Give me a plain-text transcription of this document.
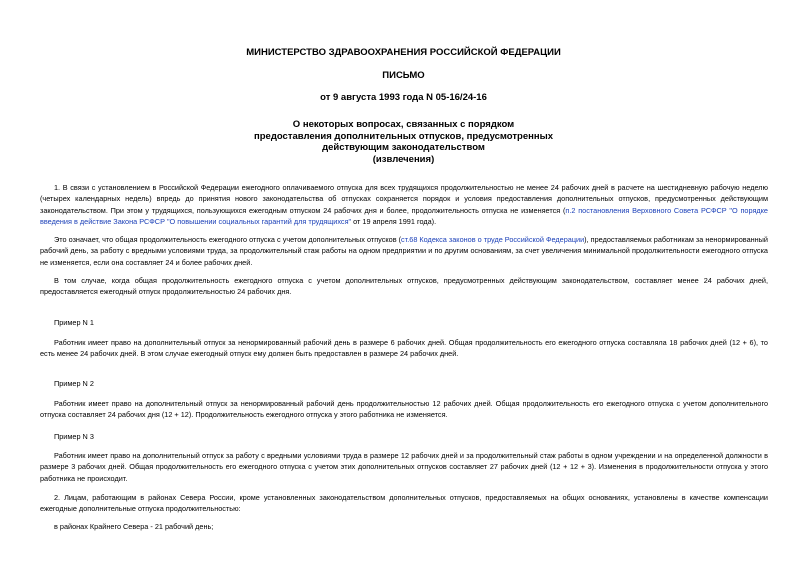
МИНИСТЕРСТВО ЗДРАВООХРАНЕНИЯ РОССИЙСКОЙ ФЕДЕРАЦИИ
ПИСЬМО
от 9 августа 1993 года N 05-16/24-16
О некоторых вопросах, связанных с порядком
предоставления дополнительных отпусков, предусмотренных
действующим законодательством
(извлечения)
1. В связи с установлением в Российской Федерации ежегодного оплачиваемого отпуска для всех трудящихся продолжительностью не менее 24 рабочих дней в расчете на шестидневную рабочую неделю (четырех календарных недель) впредь до принятия нового законодательства об отпусках сохраняется порядок и условия предоставления дополнительных отпусков, предусмотренных действующим законодательством. При этом у трудящихся, пользующихся ежегодным отпуском 24 рабочих дня и более, продолжительность отпуска не изменяется (п.2 постановления Верховного Совета РСФСР "О порядке введения в действие Закона РСФСР "О повышении социальных гарантий для трудящихся" от 19 апреля 1991 года).
Это означает, что общая продолжительность ежегодного отпуска с учетом дополнительных отпусков (ст.68 Кодекса законов о труде Российской Федерации), предоставляемых работникам за ненормированный рабочий день, за работу с вредными условиями труда, за продолжительный стаж работы на одном предприятии и по другим основаниям, за счет увеличения минимальной продолжительности ежегодного отпуска не изменяется, если она составляет 24 и более рабочих дней.
В том случае, когда общая продолжительность ежегодного отпуска с учетом дополнительных отпусков, предусмотренных действующим законодательством, составляет менее 24 рабочих дней, предоставляется ежегодный отпуск продолжительностью 24 рабочих дня.
Пример N 1
Работник имеет право на дополнительный отпуск за ненормированный рабочий день в размере 6 рабочих дней. Общая продолжительность его ежегодного отпуска составляла 18 рабочих дней (12 + 6), то есть менее 24 рабочих дней. В этом случае ежегодный отпуск ему должен быть предоставлен в размере 24 рабочих дней.
Пример N 2
Работник имеет право на дополнительный отпуск за ненормированный рабочий день продолжительностью 12 рабочих дней. Общая продолжительность его ежегодного отпуска с учетом дополнительного отпуска составляет 24 рабочих дня (12 + 12). Продолжительность ежегодного отпуска у этого работника не изменяется.
Пример N 3
Работник имеет право на дополнительный отпуск за работу с вредными условиями труда в размере 12 рабочих дней и за продолжительный стаж работы в одном учреждении и на определенной должности в размере 3 рабочих дней. Общая продолжительность его ежегодного отпуска с учетом этих дополнительных отпусков составляет 27 рабочих дней (12 + 12 + 3). Изменения в продолжительности отпуска у этого работника не происходит.
2. Лицам, работающим в районах Севера России, кроме установленных законодательством дополнительных отпусков, предоставляемых на общих основаниях, установлены в качестве компенсации ежегодные дополнительные отпуска продолжительностью:
в районах Крайнего Севера - 21 рабочий день;
